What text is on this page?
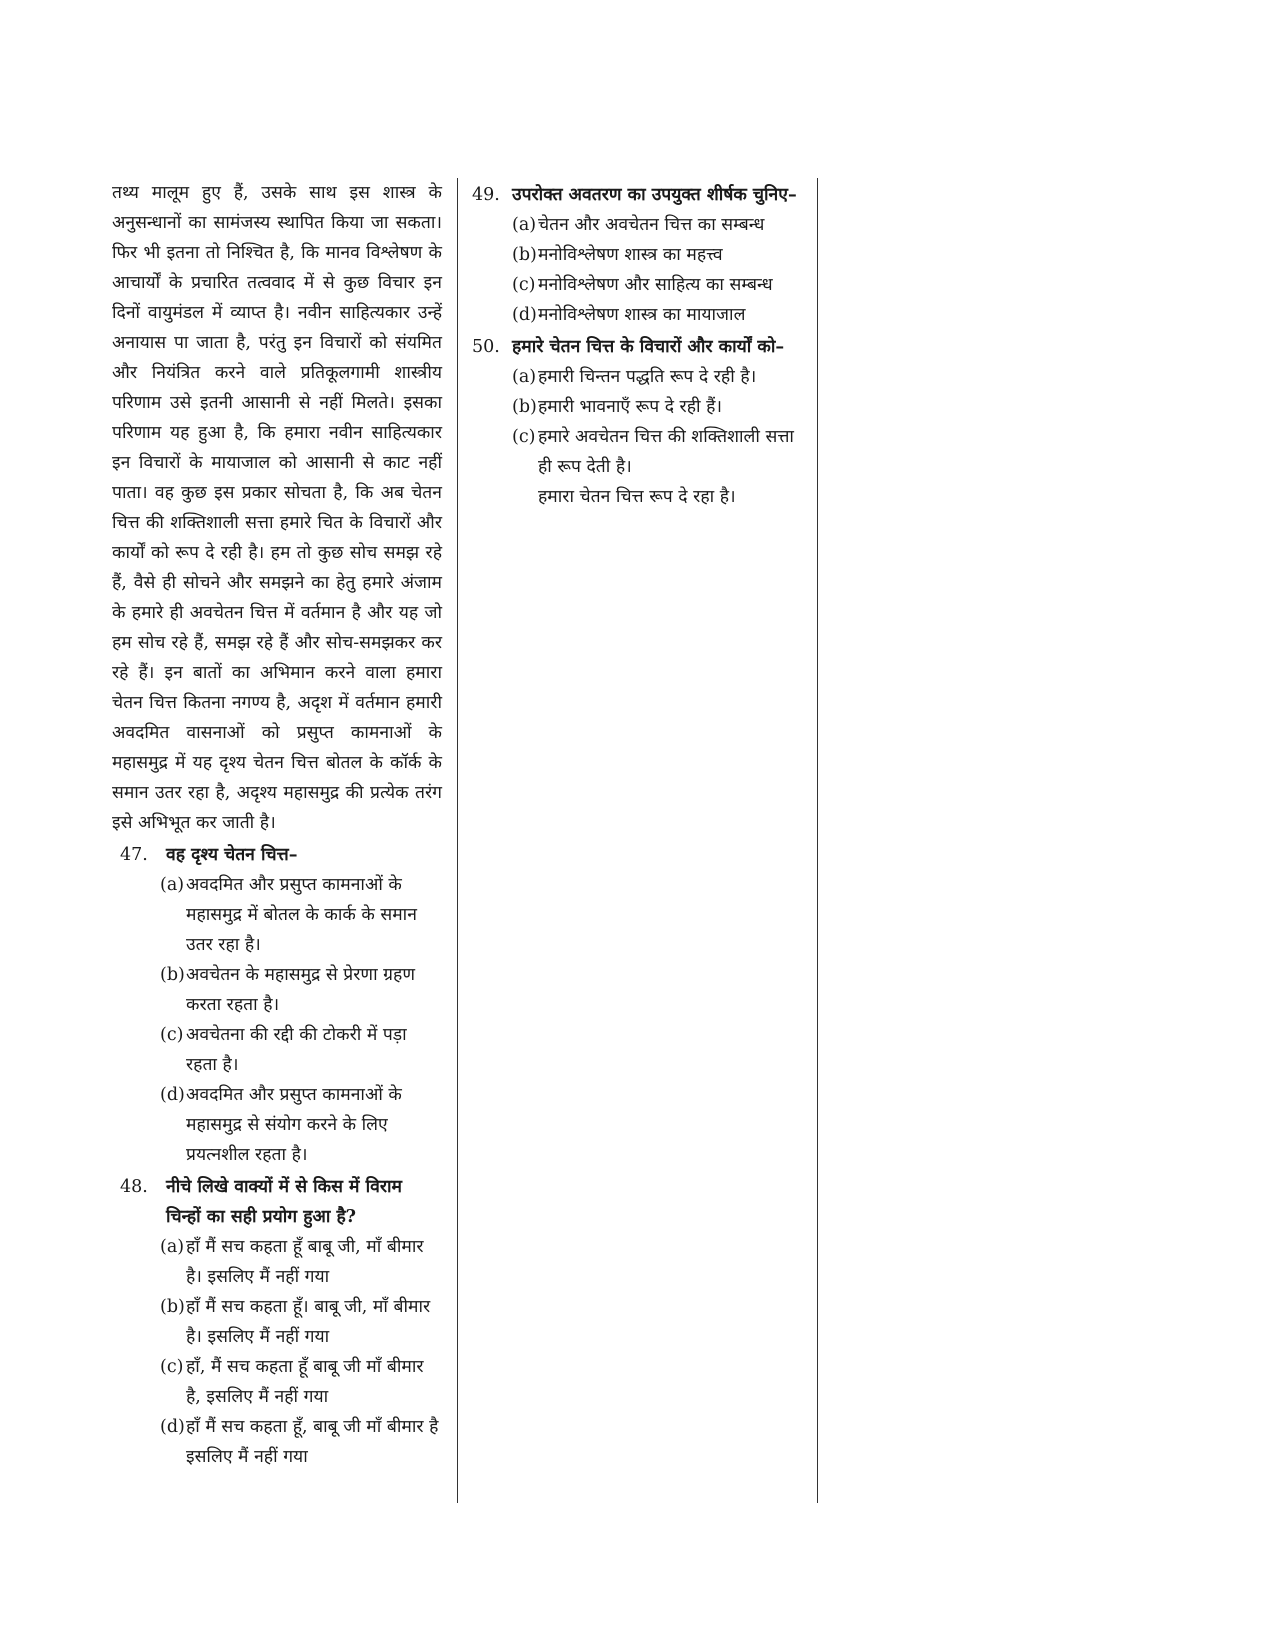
तथ्य मालूम हुए हैं, उसके साथ इस शास्त्र के अनुसन्धानों का सामंजस्य स्थापित किया जा सकता। फिर भी इतना तो निश्चित है, कि मानव विश्लेषण के आचार्यों के प्रचारित तत्ववाद में से कुछ विचार इन दिनों वायुमंडल में व्याप्त है। नवीन साहित्यकार उन्हें अनायास पा जाता है, परंतु इन विचारों को संयमित और नियंत्रित करने वाले प्रतिकूलगामी शास्त्रीय परिणाम उसे इतनी आसानी से नहीं मिलते। इसका परिणाम यह हुआ है, कि हमारा नवीन साहित्यकार इन विचारों के मायाजाल को आसानी से काट नहीं पाता। वह कुछ इस प्रकार सोचता है, कि अब चेतन चित्त की शक्तिशाली सत्ता हमारे चित के विचारों और कार्यों को रूप दे रही है। हम तो कुछ सोच समझ रहे हैं, वैसे ही सोचने और समझने का हेतु हमारे अंजाम के हमारे ही अवचेतन चित्त में वर्तमान है और यह जो हम सोच रहे हैं, समझ रहे हैं और सोच-समझकर कर रहे हैं। इन बातों का अभिमान करने वाला हमारा चेतन चित्त कितना नगण्य है, अदृश में वर्तमान हमारी अवदमित वासनाओं को प्रसुप्त कामनाओं के महासमुद्र में यह दृश्य चेतन चित्त बोतल के कॉर्क के समान उतर रहा है, अदृश्य महासमुद्र की प्रत्येक तरंग इसे अभिभूत कर जाती है।

47. वह दृश्य चेतन चित्त–
(a) अवदमित और प्रसुप्त कामनाओं के महासमुद्र में बोतल के कार्क के समान उतर रहा है।
(b) अवचेतन के महासमुद्र से प्रेरणा ग्रहण करता रहता है।
(c) अवचेतना की रद्दी की टोकरी में पड़ा रहता है।
(d) अवदमित और प्रसुप्त कामनाओं के महासमुद्र से संयोग करने के लिए प्रयत्नशील रहता है।
48. नीचे लिखे वाक्यों में से किस में विराम चिन्हों का सही प्रयोग हुआ है?
(a) हाँ मैं सच कहता हूँ बाबू जी, माँ बीमार है। इसलिए मैं नहीं गया
(b) हाँ मैं सच कहता हूँ। बाबू जी, माँ बीमार है। इसलिए मैं नहीं गया
(c) हाँ, मैं सच कहता हूँ बाबू जी माँ बीमार है, इसलिए मैं नहीं गया
(d) हाँ मैं सच कहता हूँ, बाबू जी माँ बीमार है इसलिए मैं नहीं गया
49. उपरोक्त अवतरण का उपयुक्त शीर्षक चुनिए–
(a) चेतन और अवचेतन चित्त का सम्बन्ध
(b) मनोविश्लेषण शास्त्र का महत्त्व
(c) मनोविश्लेषण और साहित्य का सम्बन्ध
(d) मनोविश्लेषण शास्त्र का मायाजाल
50. हमारे चेतन चित्त के विचारों और कार्यों को–
(a) हमारी चिन्तन पद्धति रूप दे रही है।
(b) हमारी भावनाएँ रूप दे रही हैं।
(c) हमारे अवचेतन चित्त की शक्तिशाली सत्ता ही रूप देती है।
हमारा चेतन चित्त रूप दे रहा है।
